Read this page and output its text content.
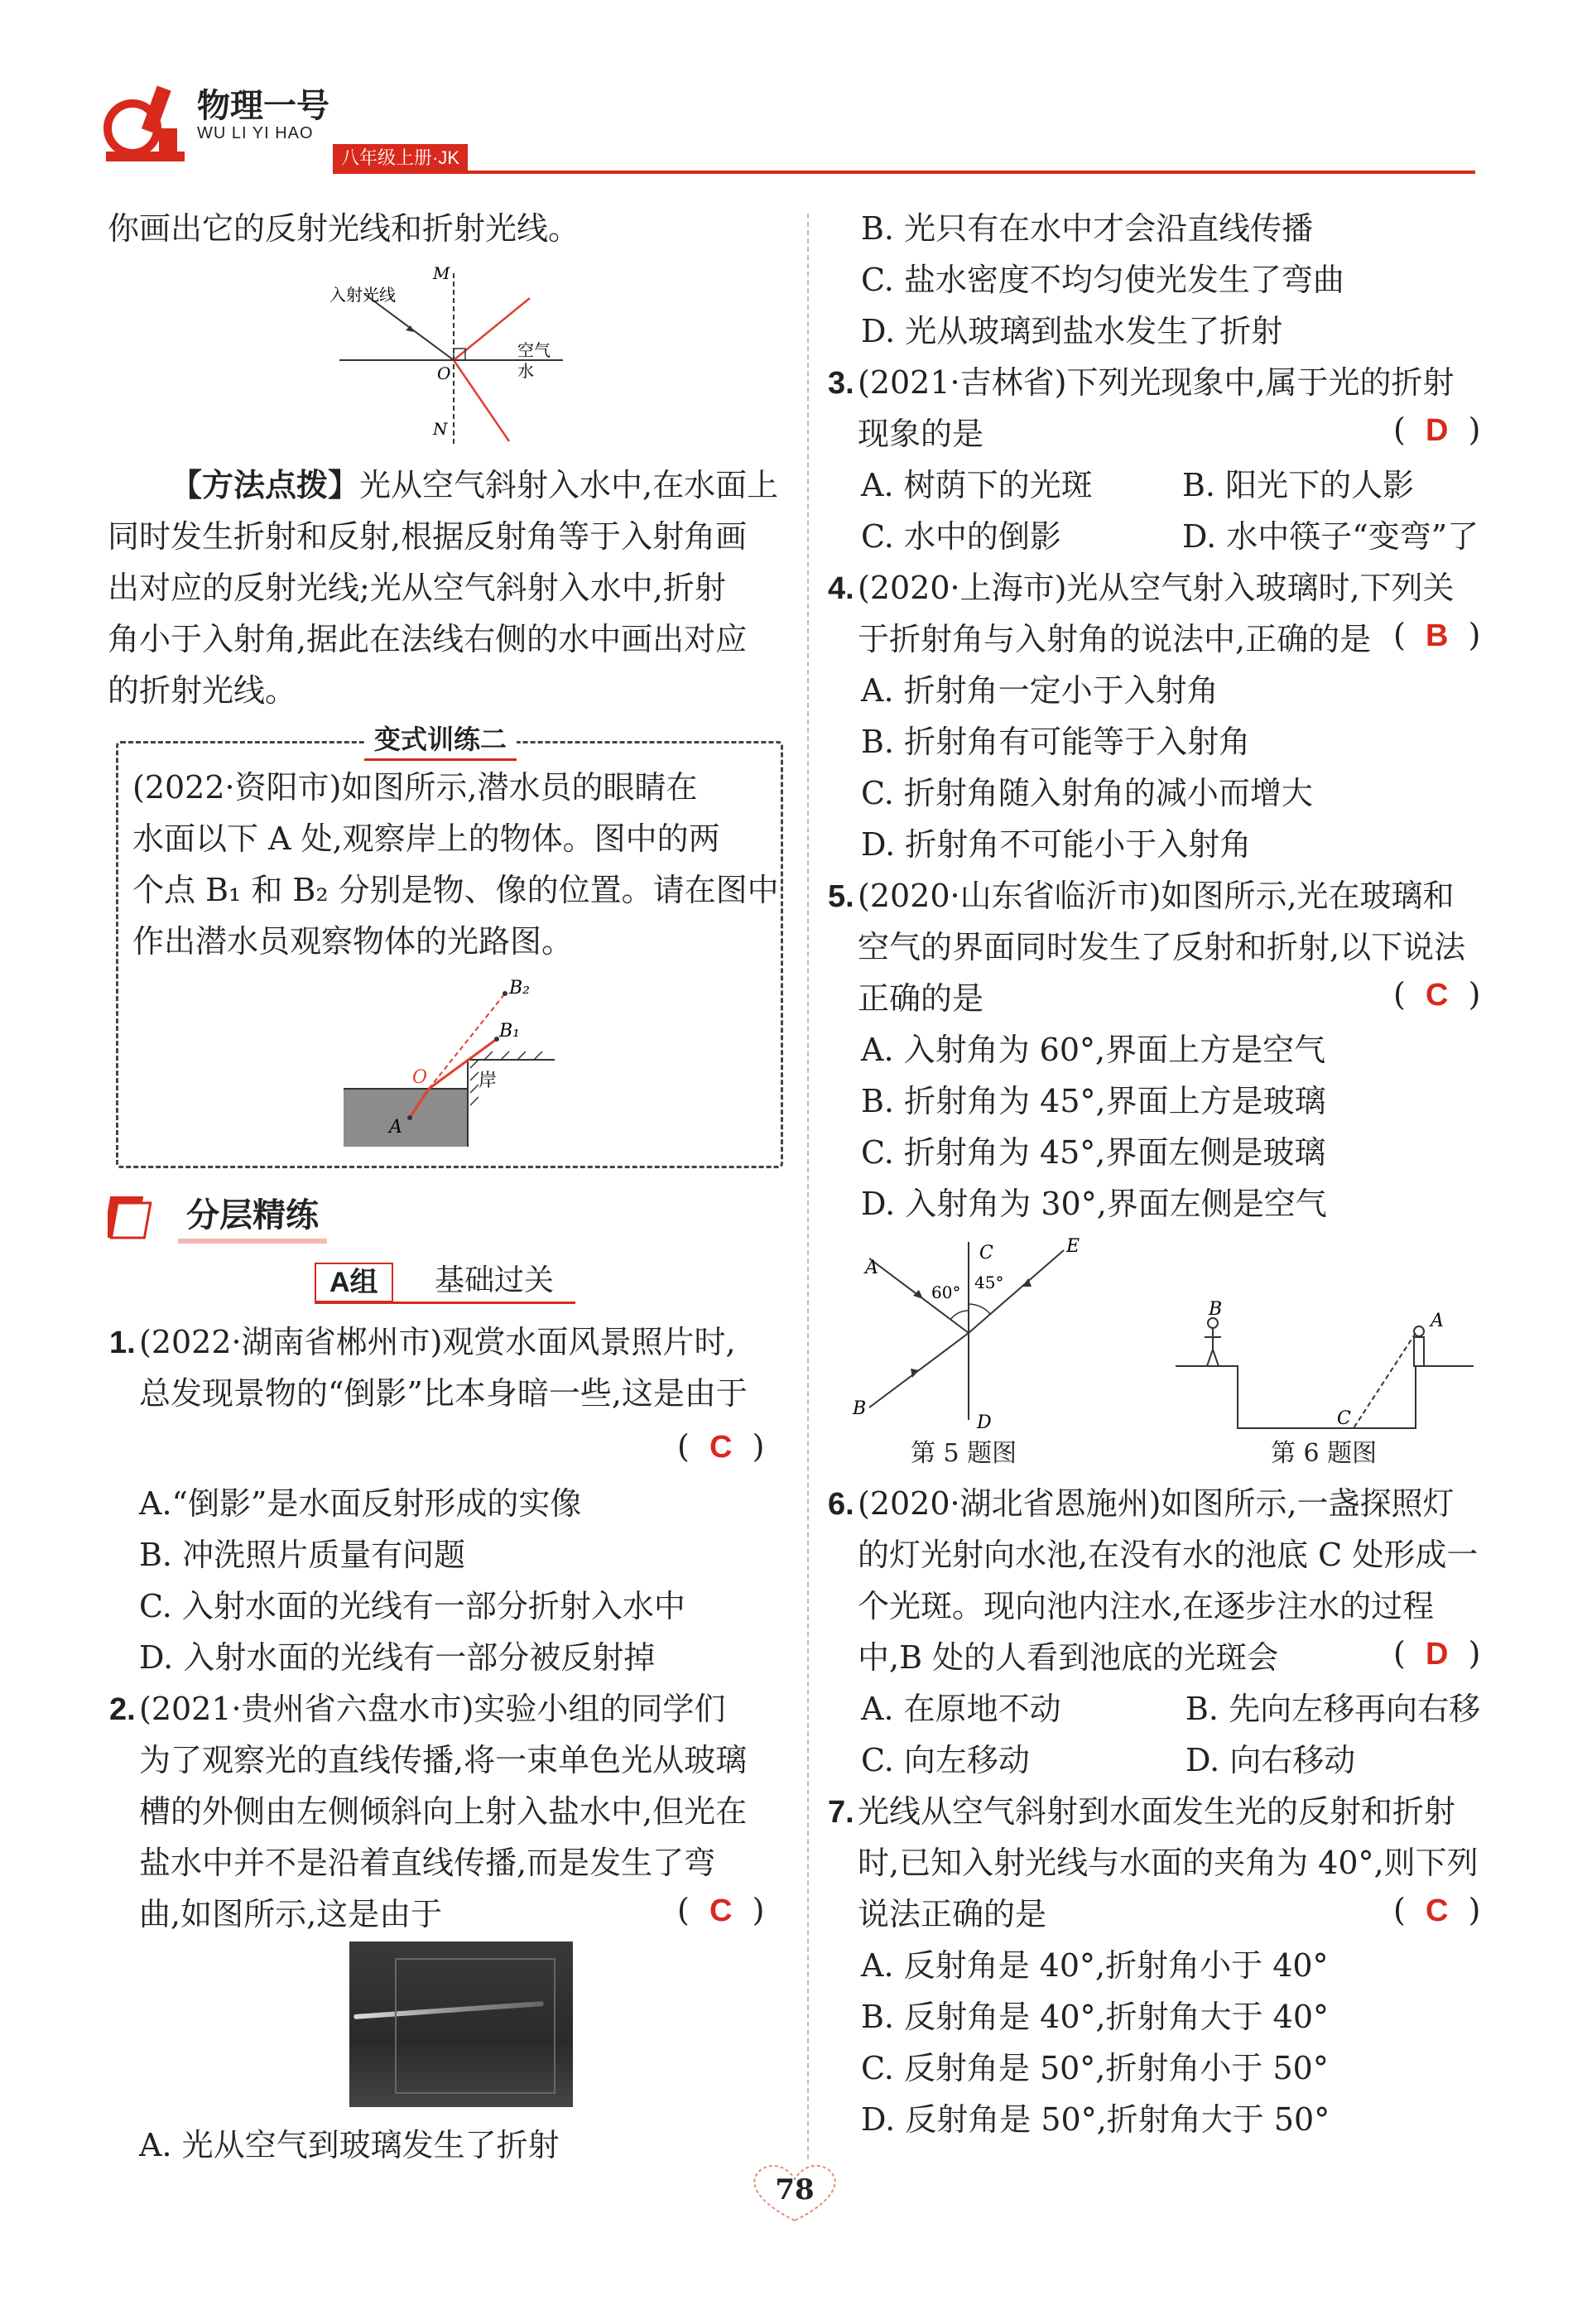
物理一号
WU LI YI HAO
八年级上册·JK
你画出它的反射光线和折射光线。
入射光线
M
N
O
空气
水
【方法点拨】光从空气斜射入水中,在水面上
同时发生折射和反射,根据反射角等于入射角画
出对应的反射光线;光从空气斜射入水中,折射
角小于入射角,据此在法线右侧的水中画出对应
的折射光线。
变式训练二
(2022·资阳市)如图所示,潜水员的眼睛在
水面以下 A 处,观察岸上的物体。图中的两
个点 B₁ 和 B₂ 分别是物、像的位置。请在图中
作出潜水员观察物体的光路图。
B₂
B₁
O
A
岸
分层精练
A组	基础过关
1. (2022·湖南省郴州市)观赏水面风景照片时,
总发现景物的“倒影”比本身暗一些,这是由于
(  C  )
A.“倒影”是水面反射形成的实像
B. 冲洗照片质量有问题
C. 入射水面的光线有一部分折射入水中
D. 入射水面的光线有一部分被反射掉
2. (2021·贵州省六盘水市)实验小组的同学们
为了观察光的直线传播,将一束单色光从玻璃
槽的外侧由左侧倾斜向上射入盐水中,但光在
盐水中并不是沿着直线传播,而是发生了弯
曲,如图所示,这是由于	(  C  )
A. 光从空气到玻璃发生了折射
B. 光只有在水中才会沿直线传播
C. 盐水密度不均匀使光发生了弯曲
D. 光从玻璃到盐水发生了折射
3. (2021·吉林省)下列光现象中,属于光的折射
现象的是	(  D  )
A. 树荫下的光斑	B. 阳光下的人影
C. 水中的倒影	D. 水中筷子“变弯”了
4. (2020·上海市)光从空气射入玻璃时,下列关
于折射角与入射角的说法中,正确的是 (  B  )
A. 折射角一定小于入射角
B. 折射角有可能等于入射角
C. 折射角随入射角的减小而增大
D. 折射角不可能小于入射角
5. (2020·山东省临沂市)如图所示,光在玻璃和
空气的界面同时发生了反射和折射,以下说法
正确的是	(  C  )
A. 入射角为 60°,界面上方是空气
B. 折射角为 45°,界面上方是玻璃
C. 折射角为 45°,界面左侧是玻璃
D. 入射角为 30°,界面左侧是空气
A
B
C
D
E
60° 45°
第 5 题图
B
A
C
第 6 题图
6. (2020·湖北省恩施州)如图所示,一盏探照灯
的灯光射向水池,在没有水的池底 C 处形成一
个光斑。现向池内注水,在逐步注水的过程
中,B 处的人看到池底的光斑会	(  D  )
A. 在原地不动	B. 先向左移再向右移
C. 向左移动	D. 向右移动
7. 光线从空气斜射到水面发生光的反射和折射
时,已知入射光线与水面的夹角为 40°,则下列
说法正确的是	(  C  )
A. 反射角是 40°,折射角小于 40°
B. 反射角是 40°,折射角大于 40°
C. 反射角是 50°,折射角小于 50°
D. 反射角是 50°,折射角大于 50°
78
